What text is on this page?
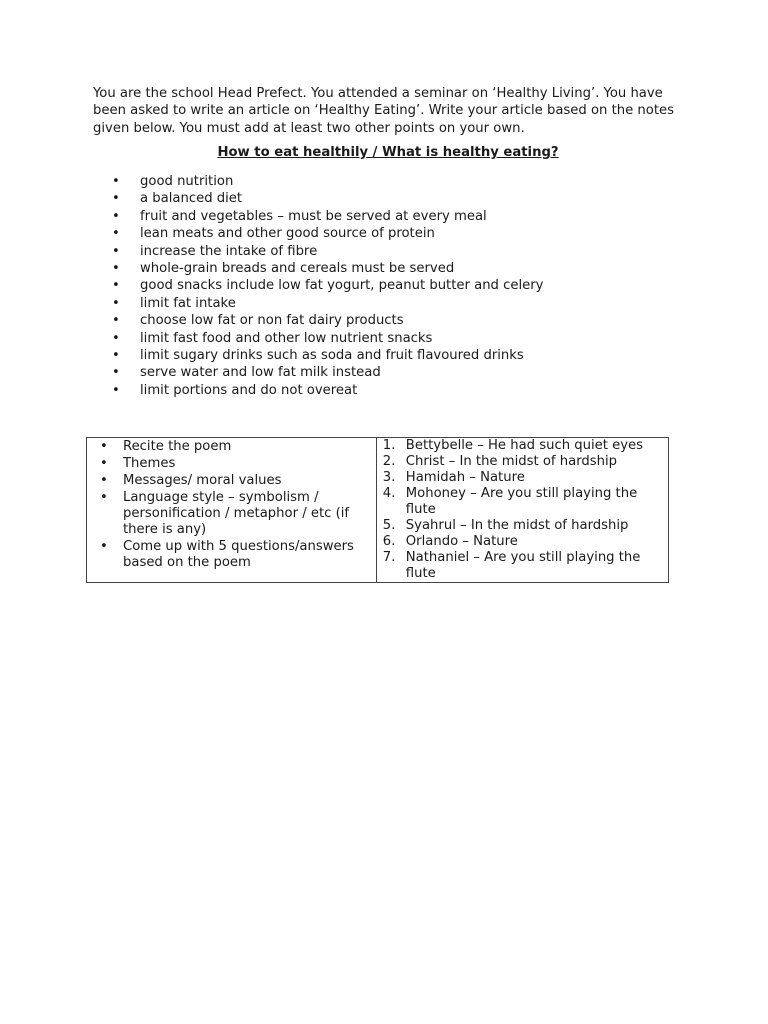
You are the school Head Prefect. You attended a seminar on ‘Healthy Living’. You have been asked to write an article on ‘Healthy Eating’. Write your article based on the notes given below. You must add at least two other points on your own.

How to eat healthily / What is healthy eating?

• good nutrition
• a balanced diet
• fruit and vegetables – must be served at every meal
• lean meats and other good source of protein
• increase the intake of fibre
• whole-grain breads and cereals must be served
• good snacks include low fat yogurt, peanut butter and celery
• limit fat intake
• choose low fat or non fat dairy products
• limit fast food and other low nutrient snacks
• limit sugary drinks such as soda and fruit flavoured drinks
• serve water and low fat milk instead
• limit portions and do not overeat
• Recite the poem
• Themes
• Messages/ moral values
• Language style – symbolism / personification / metaphor / etc (if there is any)
• Come up with 5 questions/answers based on the poem

1. Bettybelle – He had such quiet eyes
2. Christ – In the midst of hardship
3. Hamidah – Nature
4. Mohoney – Are you still playing the flute
5. Syahrul – In the midst of hardship
6. Orlando – Nature
7. Nathaniel – Are you still playing the flute
